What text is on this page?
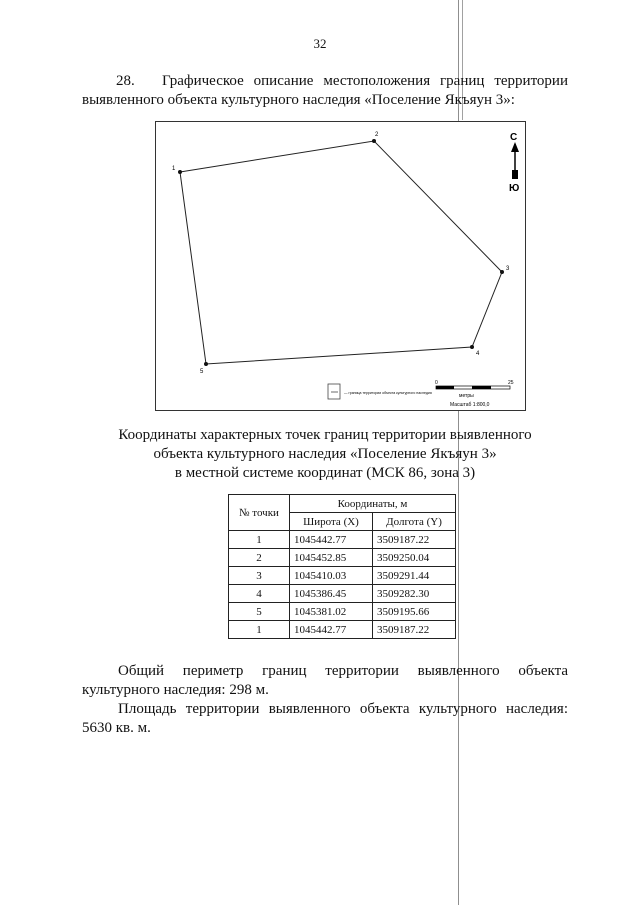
32
28. Графическое описание местоположения границ территории
выявленного объекта культурного наследия «Поселение Якъяун 3»:
1
2
3
4
5
С
Ю
— граница территории объекта культурного наследия
0	25
метры
Масштаб 1:800,0
Координаты характерных точек границ территории выявленного
объекта культурного наследия «Поселение Якъяун 3»
в местной системе координат (МСК 86, зона 3)
№ точки	Координаты, м	
	Широта (X)	Долгота (Y)
1	1045442.77	3509187.22
2	1045452.85	3509250.04
3	1045410.03	3509291.44
4	1045386.45	3509282.30
5	1045381.02	3509195.66
1	1045442.77	3509187.22
Общий периметр границ территории выявленного объекта
культурного наследия: 298 м.
Площадь территории выявленного объекта культурного наследия:
5630 кв. м.
